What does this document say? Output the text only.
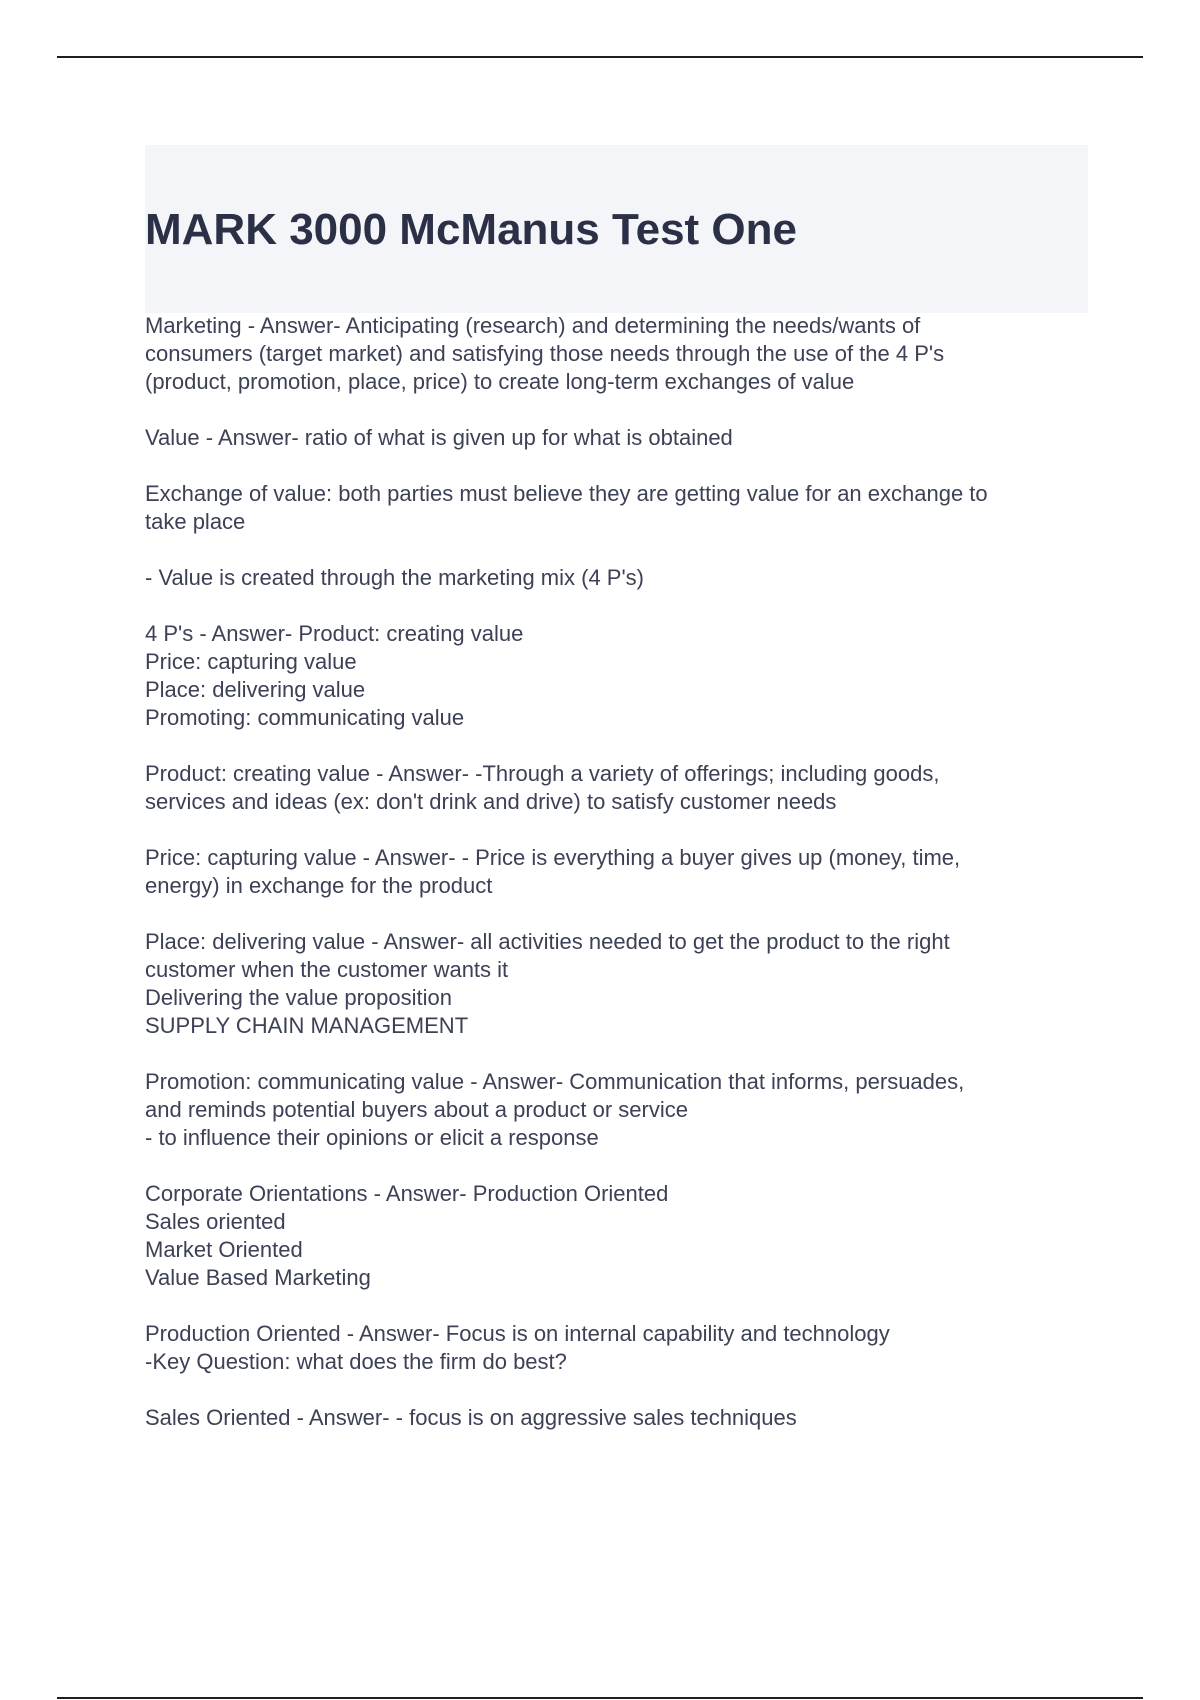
MARK 3000 McManus Test One

Marketing - Answer- Anticipating (research) and determining the needs/wants of
consumers (target market) and satisfying those needs through the use of the 4 P's
(product, promotion, place, price) to create long-term exchanges of value

Value - Answer- ratio of what is given up for what is obtained

Exchange of value: both parties must believe they are getting value for an exchange to
take place

- Value is created through the marketing mix (4 P's)

4 P's - Answer- Product: creating value
Price: capturing value
Place: delivering value
Promoting: communicating value

Product: creating value - Answer- -Through a variety of offerings; including goods,
services and ideas (ex: don't drink and drive) to satisfy customer needs

Price: capturing value - Answer- - Price is everything a buyer gives up (money, time,
energy) in exchange for the product

Place: delivering value - Answer- all activities needed to get the product to the right
customer when the customer wants it
Delivering the value proposition
SUPPLY CHAIN MANAGEMENT

Promotion: communicating value - Answer- Communication that informs, persuades,
and reminds potential buyers about a product or service
- to influence their opinions or elicit a response

Corporate Orientations - Answer- Production Oriented
Sales oriented
Market Oriented
Value Based Marketing

Production Oriented - Answer- Focus is on internal capability and technology
-Key Question: what does the firm do best?

Sales Oriented - Answer- - focus is on aggressive sales techniques
